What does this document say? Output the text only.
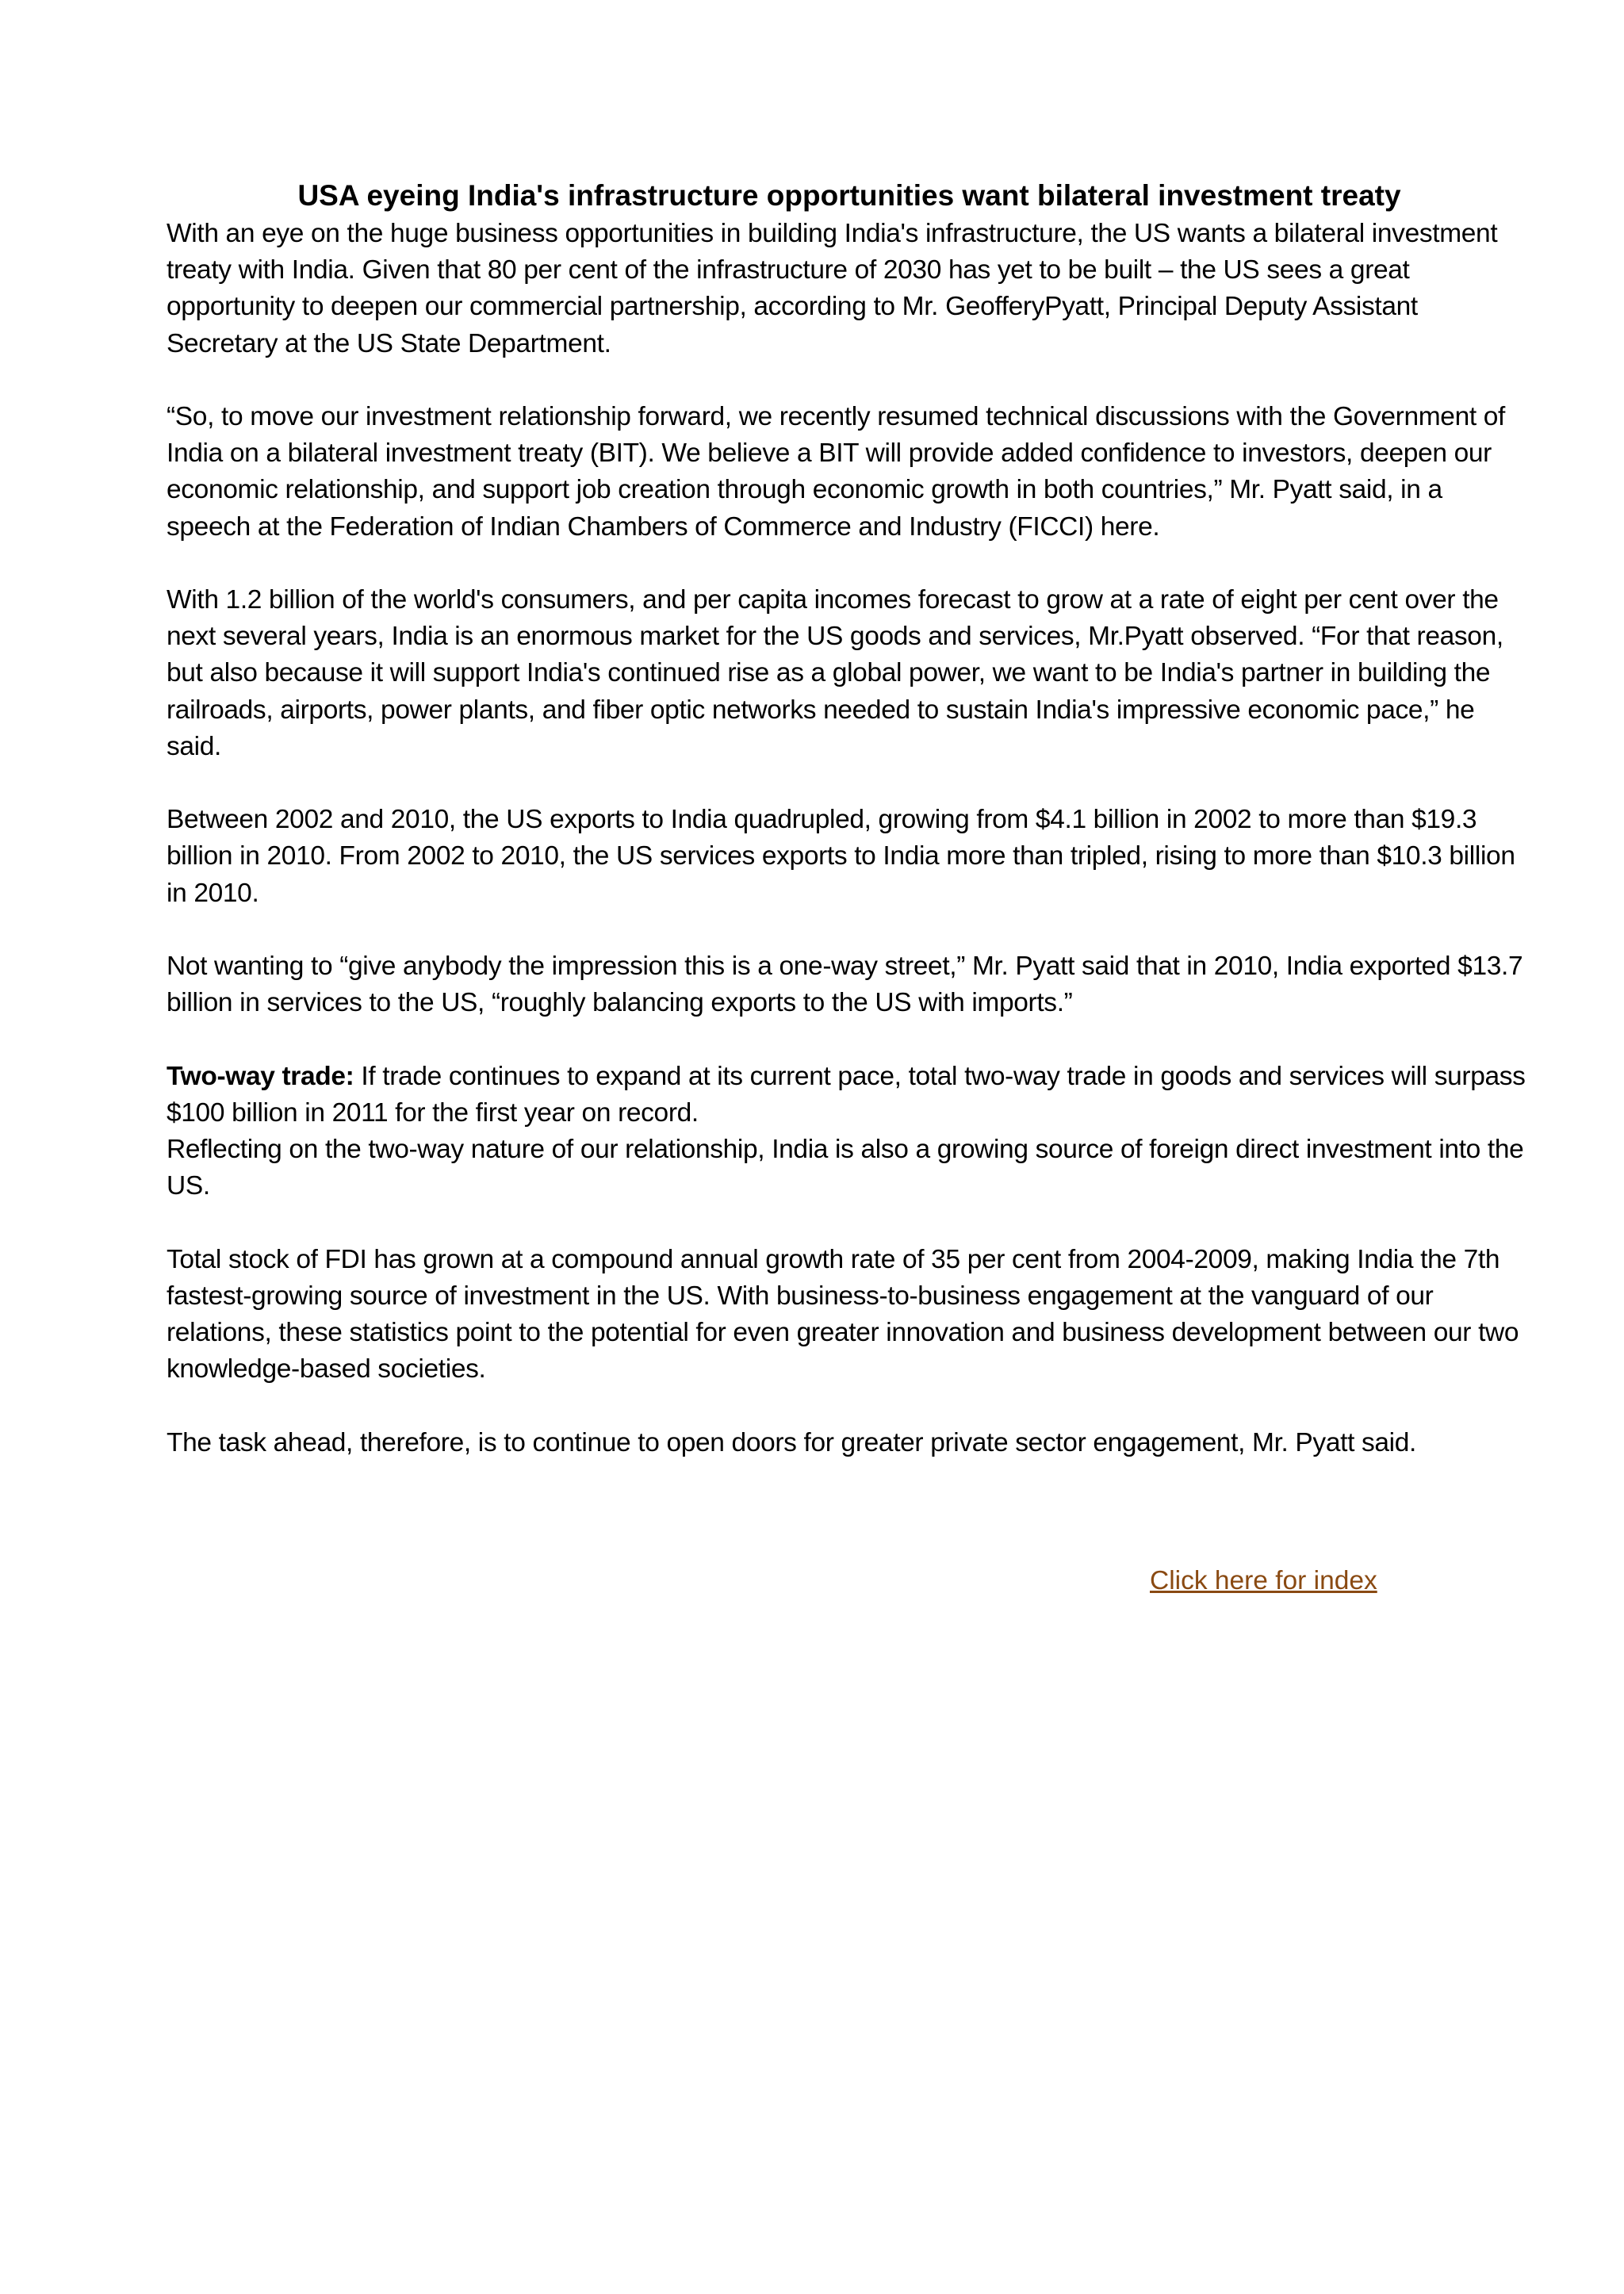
USA eyeing India's infrastructure opportunities want bilateral investment treaty

With an eye on the huge business opportunities in building India's infrastructure, the US wants a bilateral investment treaty with India. Given that 80 per cent of the infrastructure of 2030 has yet to be built – the US sees a great opportunity to deepen our commercial partnership, according to Mr. GeofferyPyatt, Principal Deputy Assistant Secretary at the US State Department.

“So, to move our investment relationship forward, we recently resumed technical discussions with the Government of India on a bilateral investment treaty (BIT). We believe a BIT will provide added confidence to investors, deepen our economic relationship, and support job creation through economic growth in both countries,” Mr. Pyatt said, in a speech at the Federation of Indian Chambers of Commerce and Industry (FICCI) here.

With 1.2 billion of the world's consumers, and per capita incomes forecast to grow at a rate of eight per cent over the next several years, India is an enormous market for the US goods and services, Mr.Pyatt observed. “For that reason, but also because it will support India's continued rise as a global power, we want to be India's partner in building the railroads, airports, power plants, and fiber optic networks needed to sustain India's impressive economic pace,” he said.

Between 2002 and 2010, the US exports to India quadrupled, growing from $4.1 billion in 2002 to more than $19.3 billion in 2010. From 2002 to 2010, the US services exports to India more than tripled, rising to more than $10.3 billion in 2010.

Not wanting to “give anybody the impression this is a one-way street,” Mr. Pyatt said that in 2010, India exported $13.7 billion in services to the US, “roughly balancing exports to the US with imports.”

Two-way trade: If trade continues to expand at its current pace, total two-way trade in goods and services will surpass $100 billion in 2011 for the first year on record.

Reflecting on the two-way nature of our relationship, India is also a growing source of foreign direct investment into the US.

Total stock of FDI has grown at a compound annual growth rate of 35 per cent from 2004-2009, making India the 7th fastest-growing source of investment in the US. With business-to-business engagement at the vanguard of our relations, these statistics point to the potential for even greater innovation and business development between our two knowledge-based societies.

The task ahead, therefore, is to continue to open doors for greater private sector engagement, Mr. Pyatt said.

Click here for index
